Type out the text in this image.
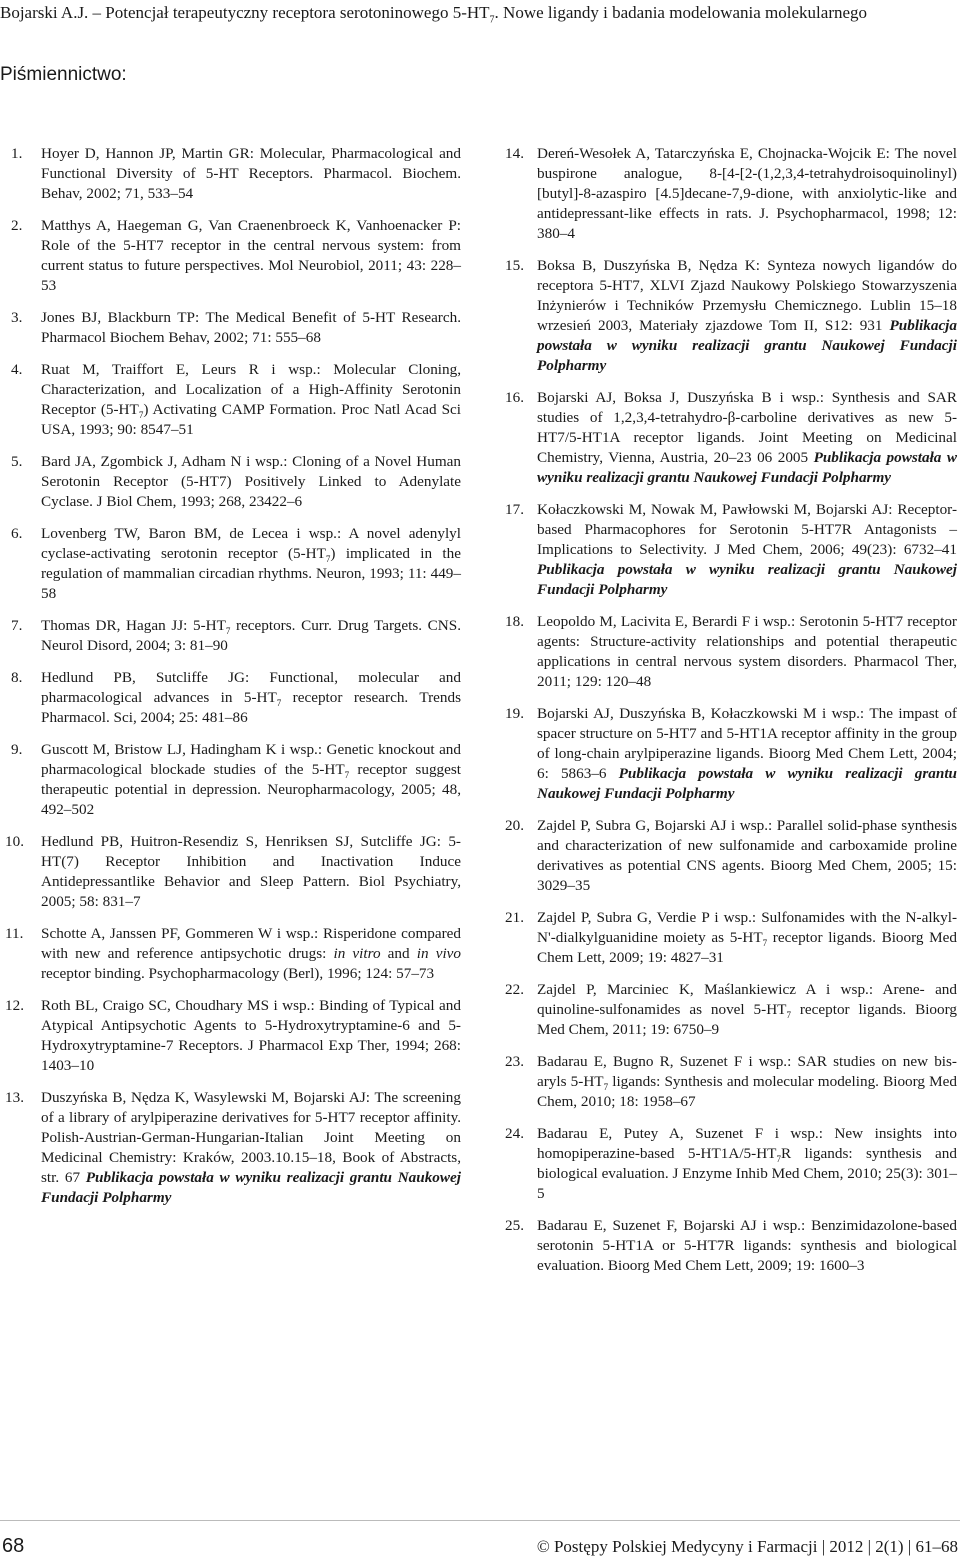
Bojarski A.J. – Potencjał terapeutyczny receptora serotoninowego $5-HT_7$. Nowe ligandy i badania modelowania molekularnego
Piśmiennictwo:
1.	Hoyer D, Hannon JP, Martin GR: Molecular, Pharmacological and Functional Diversity of 5-HT Receptors. Pharmacol. Biochem. Behav, 2002; 71, 533–54
2.	Matthys A, Haegeman G, Van Craenenbroeck K, Vanhoenacker P: Role of the 5-HT7 receptor in the central nervous system: from current status to future perspectives. Mol Neurobiol, 2011; 43: 228–53
3.	Jones BJ, Blackburn TP: The Medical Benefit of 5-HT Research. Pharmacol Biochem Behav, 2002; 71: 555–68
4.	Ruat M, Traiffort E, Leurs R i wsp.: Molecular Cloning, Characterization, and Localization of a High-Affinity Serotonin Receptor $(5-HT_7)$ Activating CAMP Formation. Proc Natl Acad Sci USA, 1993; 90: 8547–51
5.	Bard JA, Zgombick J, Adham N i wsp.: Cloning of a Novel Human Serotonin Receptor (5-HT7) Positively Linked to Adenylate Cyclase. J Biol Chem, 1993; 268, 23422–6
6.	Lovenberg TW, Baron BM, de Lecea i wsp.: A novel adenylyl cyclase-activating serotonin receptor $(5-HT_7)$ implicated in the regulation of mammalian circadian rhythms. Neuron, 1993; 11: 449–58
7.	Thomas DR, Hagan JJ: $5-HT_7$ receptors. Curr. Drug Targets. CNS. Neurol Disord, 2004; 3: 81–90
8.	Hedlund PB, Sutcliffe JG: Functional, molecular and pharmacological advances in $5-HT_7$ receptor research. Trends Pharmacol. Sci, 2004; 25: 481–86
9.	Guscott M, Bristow LJ, Hadingham K i wsp.: Genetic knockout and pharmacological blockade studies of the $5-HT_7$ receptor suggest therapeutic potential in depression. Neuropharmacology, 2005; 48, 492–502
10. Hedlund PB, Huitron-Resendiz S, Henriksen SJ, Sutcliffe JG: 5-HT(7) Receptor Inhibition and Inactivation Induce Antidepressantlike Behavior and Sleep Pattern. Biol Psychiatry, 2005; 58: 831–7
11. Schotte A, Janssen PF, Gommeren W i wsp.: Risperidone compared with new and reference antipsychotic drugs: in vitro and in vivo receptor binding. Psychopharmacology (Berl), 1996; 124: 57–73
12. Roth BL, Craigo SC, Choudhary MS i wsp.: Binding of Typical and Atypical Antipsychotic Agents to 5-Hydroxytryptamine-6 and 5-Hydroxytryptamine-7 Receptors. J Pharmacol Exp Ther, 1994; 268: 1403–10
13. Duszyńska B, Nędza K, Wasylewski M, Bojarski AJ: The screening of a library of arylpiperazine derivatives for 5-HT7 receptor affinity. Polish-Austrian-German-Hungarian-Italian Joint Meeting on Medicinal Chemistry: Kraków, 2003.10.15–18, Book of Abstracts, str. 67 Publikacja powstała w wyniku realizacji grantu Naukowej Fundacji Polpharmy
14. Dereń-Wesołek A, Tatarczyńska E, Chojnacka-Wojcik E: The novel buspirone analogue, 8-[4-[2-(1,2,3,4-tetrahydroisoquinolinyl)[butyl]-8-azaspiro [4.5]decane-7,9-dione, with anxiolytic-like and antidepressant-like effects in rats. J. Psychopharmacol, 1998; 12: 380–4
15. Boksa B, Duszyńska B, Nędza K: Synteza nowych ligandów do receptora 5-HT7, XLVI Zjazd Naukowy Polskiego Stowarzyszenia Inżynierów i Techników Przemysłu Chemicznego. Lublin 15–18 wrzesień 2003, Materiały zjazdowe Tom II, S12: 931 Publikacja powstała w wyniku realizacji grantu Naukowej Fundacji Polpharmy
16. Bojarski AJ, Boksa J, Duszyńska B i wsp.: Synthesis and SAR studies of 1,2,3,4-tetrahydro-β-carboline derivatives as new 5-HT7/5-HT1A receptor ligands. Joint Meeting on Medicinal Chemistry, Vienna, Austria, 20–23 06 2005 Publikacja powstała w wyniku realizacji grantu Naukowej Fundacji Polpharmy
17. Kołaczkowski M, Nowak M, Pawłowski M, Bojarski AJ: Receptor-based Pharmacophores for Serotonin 5-HT7R Antagonists – Implications to Selectivity. J Med Chem, 2006; 49(23): 6732–41 Publikacja powstała w wyniku realizacji grantu Naukowej Fundacji Polpharmy
18. Leopoldo M, Lacivita E, Berardi F i wsp.: Serotonin 5-HT7 receptor agents: Structure-activity relationships and potential therapeutic applications in central nervous system disorders. Pharmacol Ther, 2011; 129: 120–48
19. Bojarski AJ, Duszyńska B, Kołaczkowski M i wsp.: The impast of spacer structure on 5-HT7 and 5-HT1A receptor affinity in the group of long-chain arylpiperazine ligands. Bioorg Med Chem Lett, 2004; 6: 5863–6 Publikacja powstała w wyniku realizacji grantu Naukowej Fundacji Polpharmy
20. Zajdel P, Subra G, Bojarski AJ i wsp.: Parallel solid-phase synthesis and characterization of new sulfonamide and carboxamide proline derivatives as potential CNS agents. Bioorg Med Chem, 2005; 15: 3029–35
21. Zajdel P, Subra G, Verdie P i wsp.: Sulfonamides with the N-alkyl-N'-dialkylguanidine moiety as $5-HT_7$ receptor ligands. Bioorg Med Chem Lett, 2009; 19: 4827–31
22. Zajdel P, Marciniec K, Maślankiewicz A i wsp.: Arene- and quinoline-sulfonamides as novel $5-HT_7$ receptor ligands. Bioorg Med Chem, 2011; 19: 6750–9
23. Badarau E, Bugno R, Suzenet F i wsp.: SAR studies on new bis-aryls $5-HT_7$ ligands: Synthesis and molecular modeling. Bioorg Med Chem, 2010; 18: 1958–67
24. Badarau E, Putey A, Suzenet F i wsp.: New insights into homopiperazine-based $5-HT1A/5-HT_7R$ ligands: synthesis and biological evaluation. J Enzyme Inhib Med Chem, 2010; 25(3): 301–5
25. Badarau E, Suzenet F, Bojarski AJ i wsp.: Benzimidazolone-based serotonin 5-HT1A or 5-HT7R ligands: synthesis and biological evaluation. Bioorg Med Chem Lett, 2009; 19: 1600–3
68	© Postępy Polskiej Medycyny i Farmacji | 2012 | 2(1) | 61–68
